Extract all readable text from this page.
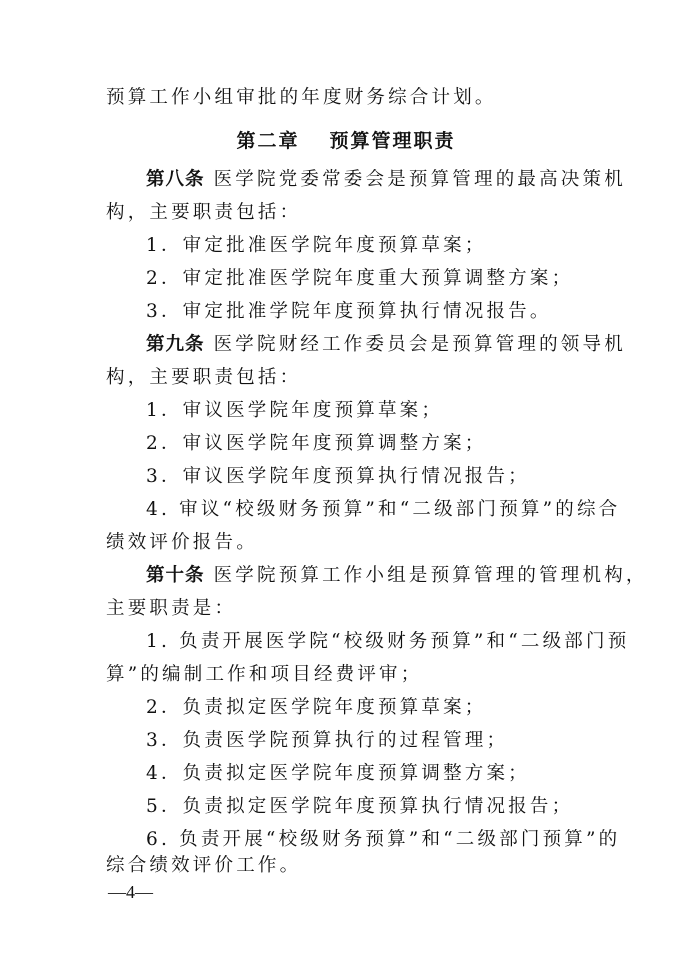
预算工作小组审批的年度财务综合计划。
第二章 预算管理职责
第八条 医学院党委常委会是预算管理的最高决策机
构，主要职责包括：
1．审定批准医学院年度预算草案；
2．审定批准医学院年度重大预算调整方案；
3．审定批准学院年度预算执行情况报告。
第九条 医学院财经工作委员会是预算管理的领导机
构，主要职责包括：
1．审议医学院年度预算草案；
2．审议医学院年度预算调整方案；
3．审议医学院年度预算执行情况报告；
4. 审议“校级财务预算”和“二级部门预算”的综合
绩效评价报告。
第十条 医学院预算工作小组是预算管理的管理机构，
主要职责是：
1. 负责开展医学院“校级财务预算”和“二级部门预
算”的编制工作和项目经费评审；
2．负责拟定医学院年度预算草案；
3．负责医学院预算执行的过程管理；
4．负责拟定医学院年度预算调整方案；
5．负责拟定医学院年度预算执行情况报告；
6. 负责开展“校级财务预算”和“二级部门预算”的
综合绩效评价工作。
—4—
